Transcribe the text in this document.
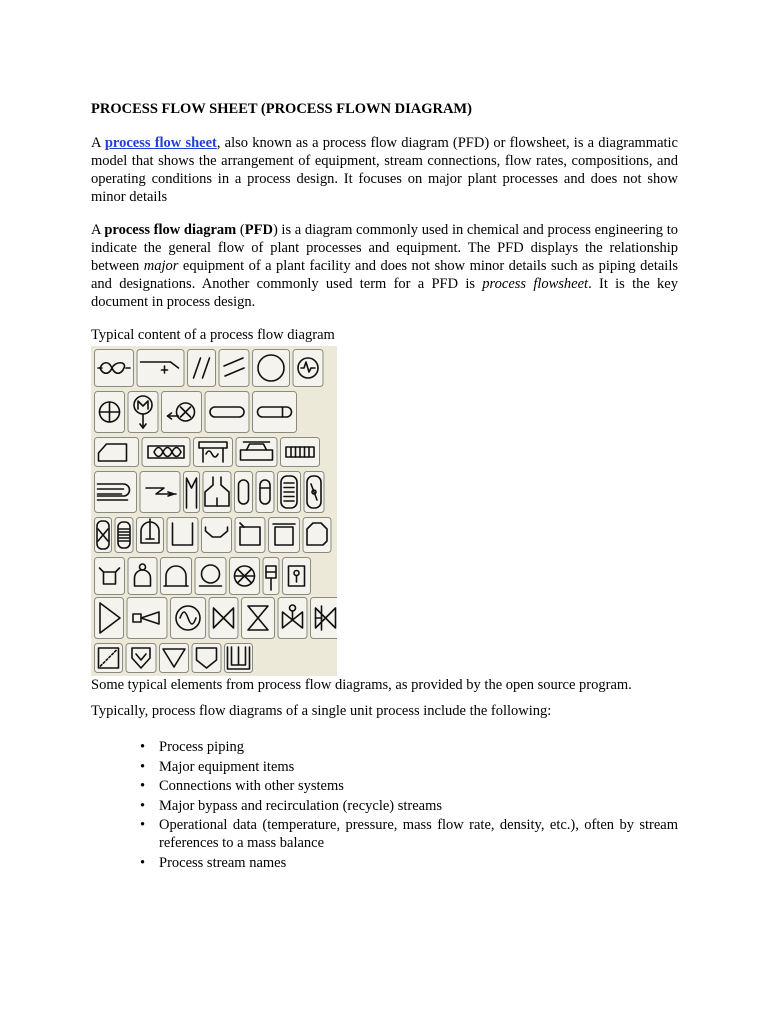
PROCESS FLOW SHEET (PROCESS FLOWN DIAGRAM)

A process flow sheet, also known as a process flow diagram (PFD) or flowsheet, is a diagrammatic model that shows the arrangement of equipment, stream connections, flow rates, compositions, and operating conditions in a process design. It focuses on major plant processes and does not show minor details

A process flow diagram (PFD) is a diagram commonly used in chemical and process engineering to indicate the general flow of plant processes and equipment. The PFD displays the relationship between major equipment of a plant facility and does not show minor details such as piping details and designations. Another commonly used term for a PFD is process flowsheet. It is the key document in process design.

Typical content of a process flow diagram

Some typical elements from process flow diagrams, as provided by the open source program.

Typically, process flow diagrams of a single unit process include the following:

• Process piping
• Major equipment items
• Connections with other systems
• Major bypass and recirculation (recycle) streams
• Operational data (temperature, pressure, mass flow rate, density, etc.), often by stream references to a mass balance
• Process stream names
